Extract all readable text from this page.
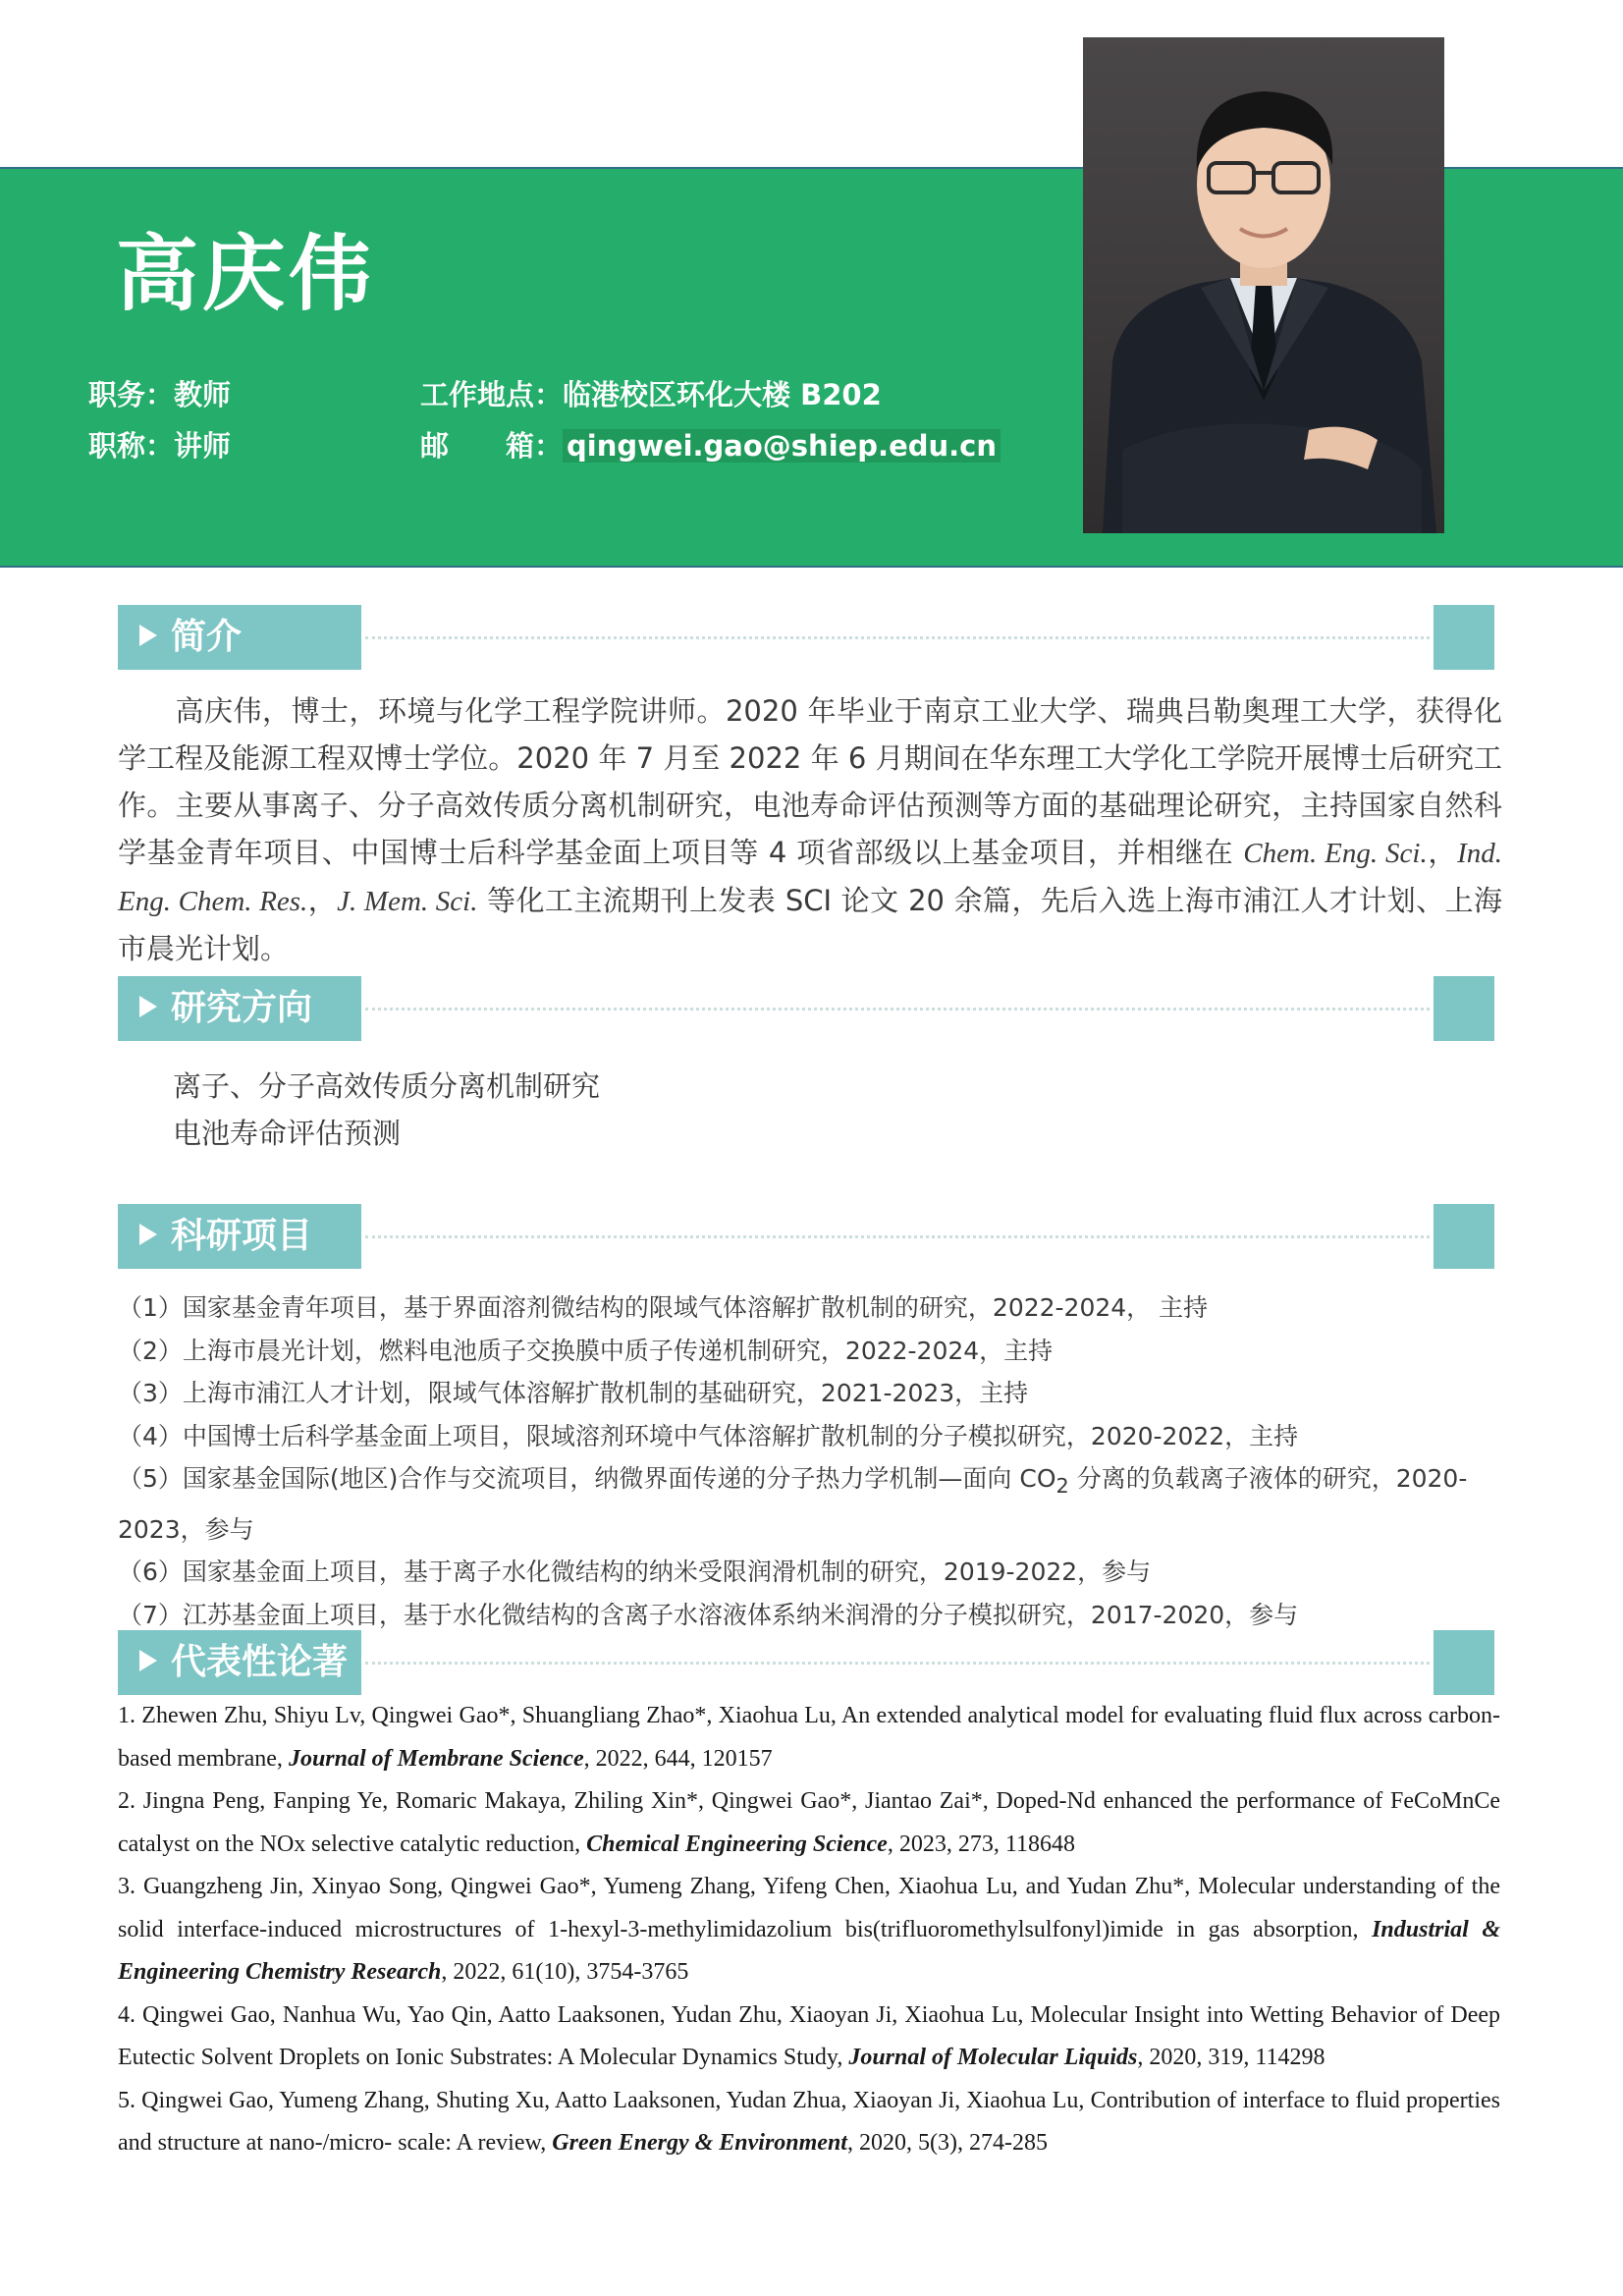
高庆伟
职务：教师
职称：讲师
工作地点：临港校区环化大楼 B202
邮　　箱： qingwei.gao@shiep.edu.cn
简介
高庆伟，博士，环境与化学工程学院讲师。2020 年毕业于南京工业大学、瑞典吕勒奥理工大学，获得化学工程及能源工程双博士学位。2020 年 7 月至 2022 年 6 月期间在华东理工大学化工学院开展博士后研究工作。主要从事离子、分子高效传质分离机制研究，电池寿命评估预测等方面的基础理论研究，主持国家自然科学基金青年项目、中国博士后科学基金面上项目等 4 项省部级以上基金项目，并相继在 Chem. Eng. Sci.，Ind. Eng. Chem. Res.，J. Mem. Sci. 等化工主流期刊上发表 SCI 论文 20 余篇，先后入选上海市浦江人才计划、上海市晨光计划。
研究方向
离子、分子高效传质分离机制研究
电池寿命评估预测
科研项目

（1）国家基金青年项目，基于界面溶剂微结构的限域气体溶解扩散机制的研究，2022-2024， 主持

（2）上海市晨光计划，燃料电池质子交换膜中质子传递机制研究，2022-2024，主持

（3）上海市浦江人才计划，限域气体溶解扩散机制的基础研究，2021-2023，主持

（4）中国博士后科学基金面上项目，限域溶剂环境中气体溶解扩散机制的分子模拟研究，2020-2022，主持

（5）国家基金国际(地区)合作与交流项目，纳微界面传递的分子热力学机制—面向 $CO_2$ 分离的负载离子液体的研究，2020-2023，参与

（6）国家基金面上项目，基于离子水化微结构的纳米受限润滑机制的研究，2019-2022，参与

（7）江苏基金面上项目，基于水化微结构的含离子水溶液体系纳米润滑的分子模拟研究，2017-2020，参与

代表性论著

1. Zhewen Zhu, Shiyu Lv, Qingwei Gao*, Shuangliang Zhao*, Xiaohua Lu, An extended analytical model for evaluating fluid flux across carbon-based membrane, Journal of Membrane Science, 2022, 644, 120157

2. Jingna Peng, Fanping Ye, Romaric Makaya, Zhiling Xin*, Qingwei Gao*, Jiantao Zai*, Doped-Nd enhanced the performance of FeCoMnCe catalyst on the NOx selective catalytic reduction, Chemical Engineering Science, 2023, 273, 118648

3. Guangzheng Jin, Xinyao Song, Qingwei Gao*, Yumeng Zhang, Yifeng Chen, Xiaohua Lu, and Yudan Zhu*, Molecular understanding of the solid interface-induced microstructures of 1-hexyl-3-methylimidazolium bis(trifluoromethylsulfonyl)imide in gas absorption, Industrial & Engineering Chemistry Research, 2022, 61(10), 3754-3765

4. Qingwei Gao, Nanhua Wu, Yao Qin, Aatto Laaksonen, Yudan Zhu, Xiaoyan Ji, Xiaohua Lu, Molecular Insight into Wetting Behavior of Deep Eutectic Solvent Droplets on Ionic Substrates: A Molecular Dynamics Study, Journal of Molecular Liquids, 2020, 319, 114298

5. Qingwei Gao, Yumeng Zhang, Shuting Xu, Aatto Laaksonen, Yudan Zhua, Xiaoyan Ji, Xiaohua Lu, Contribution of interface to fluid properties and structure at nano-/micro- scale: A review, Green Energy & Environment, 2020, 5(3), 274-285
